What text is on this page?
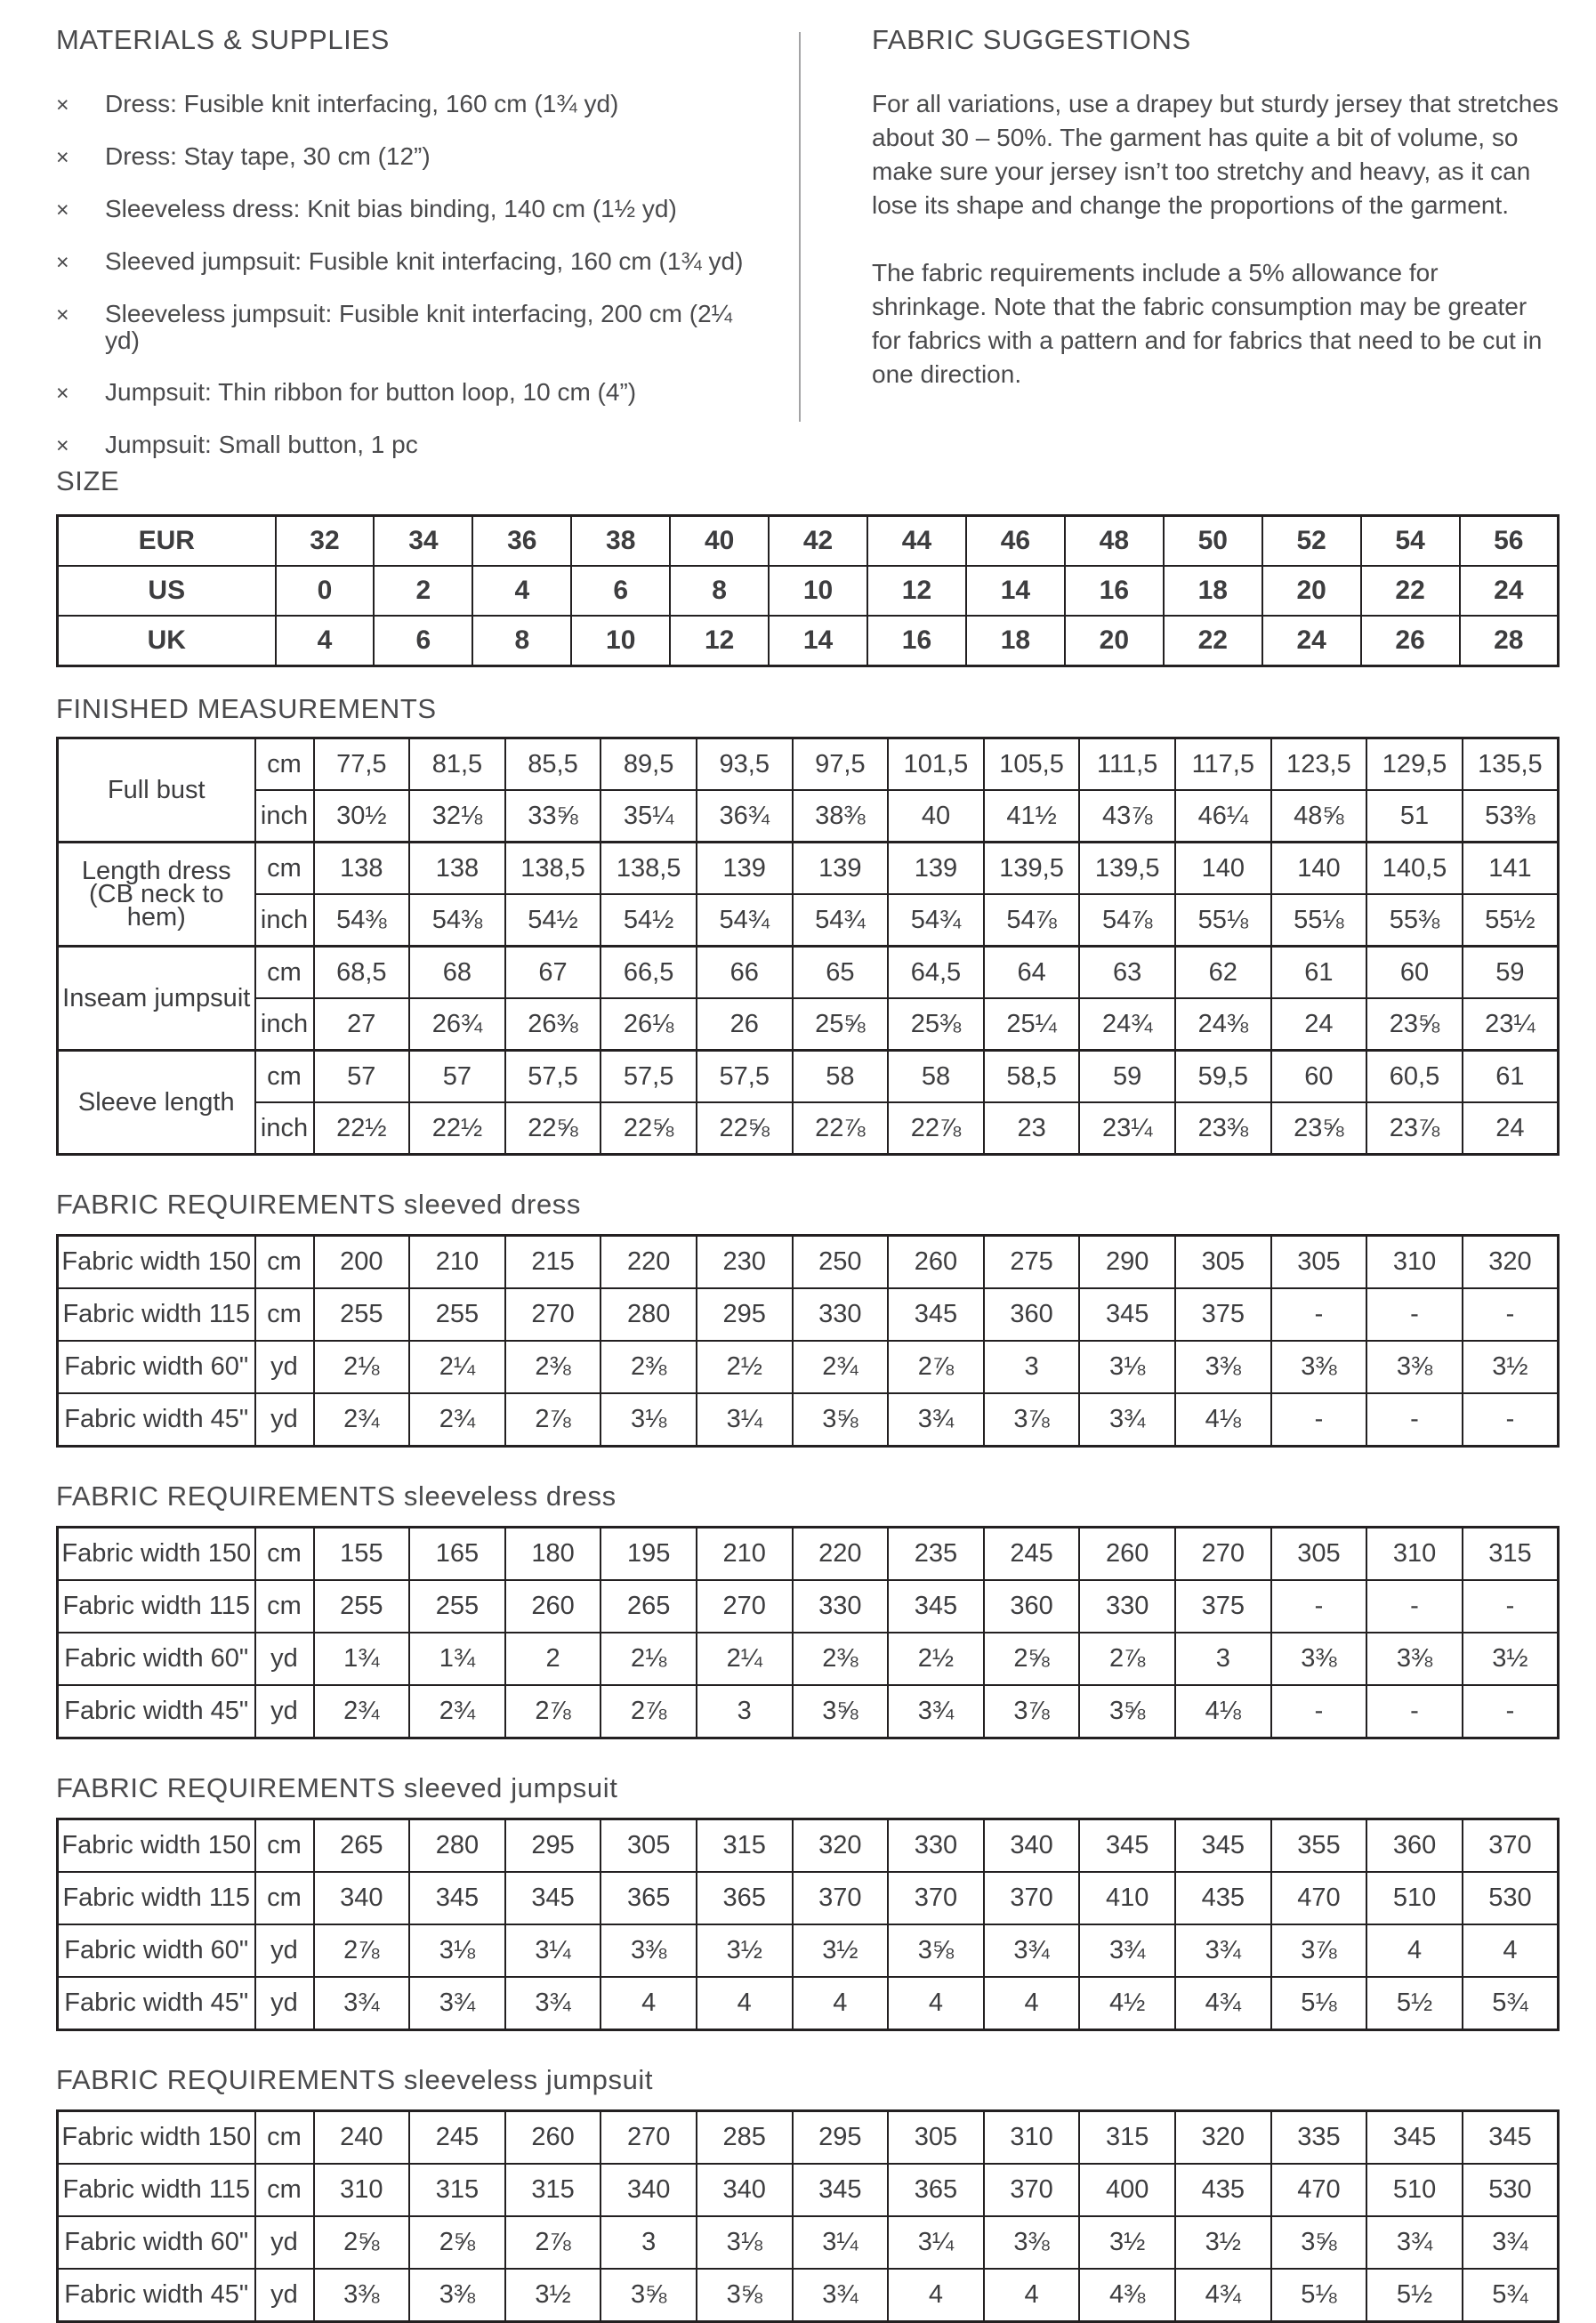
MATERIALS & SUPPLIES
× Dress: Fusible knit interfacing, 160 cm (1¾ yd)
× Dress: Stay tape, 30 cm (12”)
× Sleeveless dress: Knit bias binding, 140 cm (1½ yd)
× Sleeved jumpsuit: Fusible knit interfacing, 160 cm (1¾ yd)
× Sleeveless jumpsuit: Fusible knit interfacing, 200 cm (2¼ yd)
× Jumpsuit: Thin ribbon for button loop, 10 cm (4”)
× Jumpsuit: Small button, 1 pc
FABRIC SUGGESTIONS

For all variations, use a drapey but sturdy jersey that stretches about 30 – 50%. The garment has quite a bit of volume, so make sure your jersey isn’t too stretchy and heavy, as it can lose its shape and change the proportions of the garment.

The fabric requirements include a 5% allowance for shrinkage. Note that the fabric consumption may be greater for fabrics with a pattern and for fabrics that need to be cut in one direction.

SIZE
EUR	32	34	36	38	40	42	44	46	48	50	52	54	56
US	0	2	4	6	8	10	12	14	16	18	20	22	24
UK	4	6	8	10	12	14	16	18	20	22	24	26	28
FINISHED MEASUREMENTS
Full bust	cm	77,5	81,5	85,5	89,5	93,5	97,5	101,5	105,5	111,5	117,5	123,5	129,5	135,5
	inch	30½	32⅛	33⅝	35¼	36¾	38⅜	40	41½	43⅞	46¼	48⅝	51	53⅜
Length dress (CB neck to hem)	cm	138	138	138,5	138,5	139	139	139	139,5	139,5	140	140	140,5	141
	inch	54⅜	54⅜	54½	54½	54¾	54¾	54¾	54⅞	54⅞	55⅛	55⅛	55⅜	55½
Inseam jumpsuit	cm	68,5	68	67	66,5	66	65	64,5	64	63	62	61	60	59
	inch	27	26¾	26⅜	26⅛	26	25⅝	25⅜	25¼	24¾	24⅜	24	23⅝	23¼
Sleeve length	cm	57	57	57,5	57,5	57,5	58	58	58,5	59	59,5	60	60,5	61
	inch	22½	22½	22⅝	22⅝	22⅝	22⅞	22⅞	23	23¼	23⅜	23⅝	23⅞	24
FABRIC REQUIREMENTS sleeved dress
Fabric width 150	cm	200	210	215	220	230	250	260	275	290	305	305	310	320
Fabric width 115	cm	255	255	270	280	295	330	345	360	345	375	-	-	-
Fabric width 60"	yd	2⅛	2¼	2⅜	2⅜	2½	2¾	2⅞	3	3⅛	3⅜	3⅜	3⅜	3½
Fabric width 45"	yd	2¾	2¾	2⅞	3⅛	3¼	3⅝	3¾	3⅞	3¾	4⅛	-	-	-
FABRIC REQUIREMENTS sleeveless dress
Fabric width 150	cm	155	165	180	195	210	220	235	245	260	270	305	310	315
Fabric width 115	cm	255	255	260	265	270	330	345	360	330	375	-	-	-
Fabric width 60"	yd	1¾	1¾	2	2⅛	2¼	2⅜	2½	2⅝	2⅞	3	3⅜	3⅜	3½
Fabric width 45"	yd	2¾	2¾	2⅞	2⅞	3	3⅝	3¾	3⅞	3⅝	4⅛	-	-	-
FABRIC REQUIREMENTS sleeved jumpsuit
Fabric width 150	cm	265	280	295	305	315	320	330	340	345	345	355	360	370
Fabric width 115	cm	340	345	345	365	365	370	370	370	410	435	470	510	530
Fabric width 60"	yd	2⅞	3⅛	3¼	3⅜	3½	3½	3⅝	3¾	3¾	3¾	3⅞	4	4
Fabric width 45"	yd	3¾	3¾	3¾	4	4	4	4	4	4½	4¾	5⅛	5½	5¾
FABRIC REQUIREMENTS sleeveless jumpsuit
Fabric width 150	cm	240	245	260	270	285	295	305	310	315	320	335	345	345
Fabric width 115	cm	310	315	315	340	340	345	365	370	400	435	470	510	530
Fabric width 60"	yd	2⅝	2⅝	2⅞	3	3⅛	3¼	3¼	3⅜	3½	3½	3⅝	3¾	3¾
Fabric width 45"	yd	3⅜	3⅜	3½	3⅝	3⅝	3¾	4	4	4⅜	4¾	5⅛	5½	5¾
